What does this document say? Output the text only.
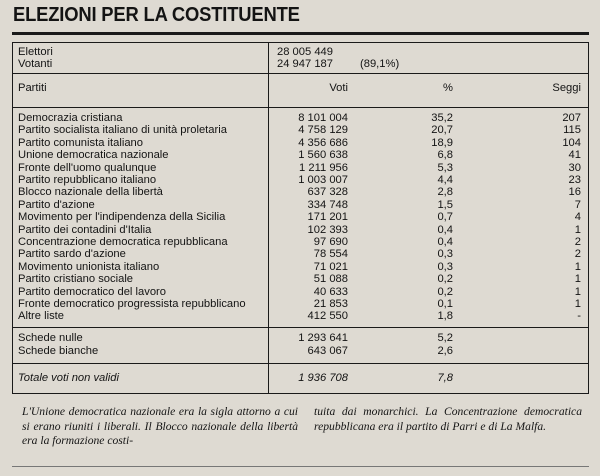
ELEZIONI PER LA COSTITUENTE
Elettori	28 005 449
Votanti	24 947 187 (89,1%)
Partiti	Voti	%	Seggi
Democrazia cristiana	8 101 004	35,2	207
Partito socialista italiano di unità proletaria	4 758 129	20,7	115
Partito comunista italiano	4 356 686	18,9	104
Unione democratica nazionale	1 560 638	6,8	41
Fronte dell'uomo qualunque	1 211 956	5,3	30
Partito repubblicano italiano	1 003 007	4,4	23
Blocco nazionale della libertà	637 328	2,8	16
Partito d'azione	334 748	1,5	7
Movimento per l'indipendenza della Sicilia	171 201	0,7	4
Partito dei contadini d'Italia	102 393	0,4	1
Concentrazione democratica repubblicana	97 690	0,4	2
Partito sardo d'azione	78 554	0,3	2
Movimento unionista italiano	71 021	0,3	1
Partito cristiano sociale	51 088	0,2	1
Partito democratico del lavoro	40 633	0,2	1
Fronte democratico progressista repubblicano	21 853	0,1	1
Altre liste	412 550	1,8	-
Schede nulle	1 293 641	5,2
Schede bianche	643 067	2,6
Totale voti non validi	1 936 708	7,8
L'Unione democratica nazionale era la sigla attorno a cui si erano riuniti i liberali. Il Blocco nazionale della libertà era la formazione costi-
tuita dai monarchici. La Concentrazione democratica repubblicana era il partito di Parri e di La Malfa.
